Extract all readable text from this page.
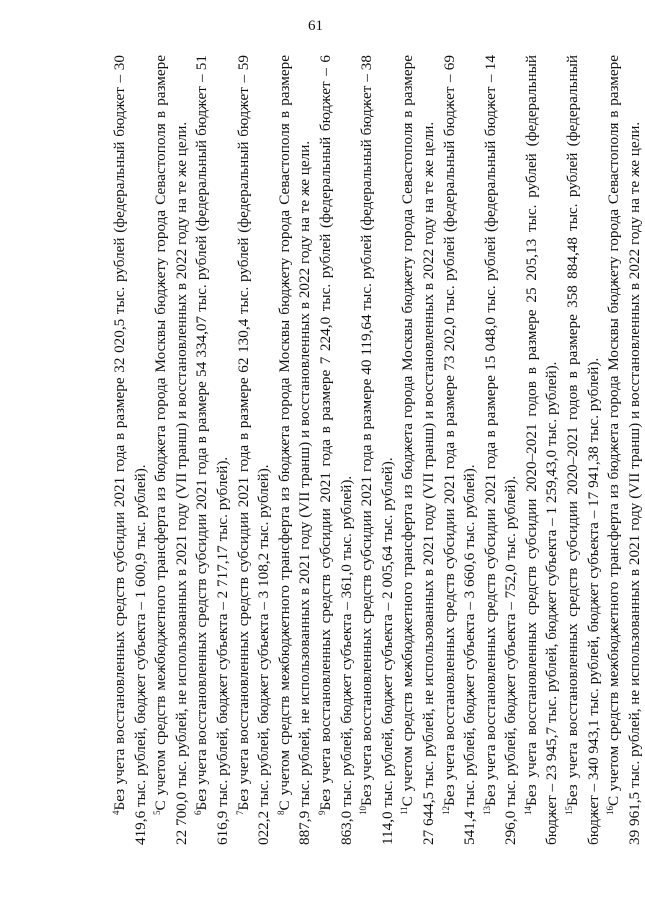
61

$^4$Без учета восстановленных средств субсидии 2021 года в размере 32 020,5 тыс. рублей (федеральный бюджет – 30 419,6 тыс. рублей, бюджет субъекта – 1 600,9 тыс. рублей). $^5$С учетом средств межбюджетного трансферта из бюджета города Москвы бюджету города Севастополя в размере 22 700,0 тыс. рублей, не использованных в 2021 году (VII транш) и восстановленных в 2022 году на те же цели. $^6$Без учета восстановленных средств субсидии 2021 года в размере 54 334,07 тыс. рублей (федеральный бюджет – 51 616,9 тыс. рублей, бюджет субъекта – 2 717,17 тыс. рублей). $^7$Без учета восстановленных средств субсидии 2021 года в размере 62 130,4 тыс. рублей (федеральный бюджет – 59 022,2 тыс. рублей, бюджет субъекта – 3 108,2 тыс. рублей). $^8$С учетом средств межбюджетного трансферта из бюджета города Москвы бюджету города Севастополя в размере 887,9 тыс. рублей, не использованных в 2021 году (VII транш) и восстановленных в 2022 году на те же цели. $^9$Без учета восстановленных средств субсидии 2021 года в размере 7 224,0 тыс. рублей (федеральный бюджет – 6 863,0 тыс. рублей, бюджет субъекта – 361,0 тыс. рублей). $^{10}$Без учета восстановленных средств субсидии 2021 года в размере 40 119,64 тыс. рублей (федеральный бюджет – 38 114,0 тыс. рублей, бюджет субъекта – 2 005,64 тыс. рублей). $^{11}$С учетом средств межбюджетного трансферта из бюджета города Москвы бюджету города Севастополя в размере 27 644,5 тыс. рублей, не использованных в 2021 году (VII транш) и восстановленных в 2022 году на те же цели. $^{12}$Без учета восстановленных средств субсидии 2021 года в размере 73 202,0 тыс. рублей (федеральный бюджет – 69 541,4 тыс. рублей, бюджет субъекта – 3 660,6 тыс. рублей). $^{13}$Без учета восстановленных средств субсидии 2021 года в размере 15 048,0 тыс. рублей (федеральный бюджет – 14 296,0 тыс. рублей, бюджет субъекта – 752,0 тыс. рублей). $^{14}$Без учета восстановленных средств субсидии 2020–2021 годов в размере 25 205,13 тыс. рублей (федеральный бюджет – 23 945,7 тыс. рублей, бюджет субъекта – 1 259,43,0 тыс. рублей). $^{15}$Без учета восстановленных средств субсидии 2020–2021 годов в размере 358 884,48 тыс. рублей (федеральный бюджет – 340 943,1 тыс. рублей, бюджет субъекта – 17 941,38 тыс. рублей). $^{16}$С учетом средств межбюджетного трансферта из бюджета города Москвы бюджету города Севастополя в размере 39 961,5 тыс. рублей, не использованных в 2021 году (VII транш) и восстановленных в 2022 году на те же цели.
